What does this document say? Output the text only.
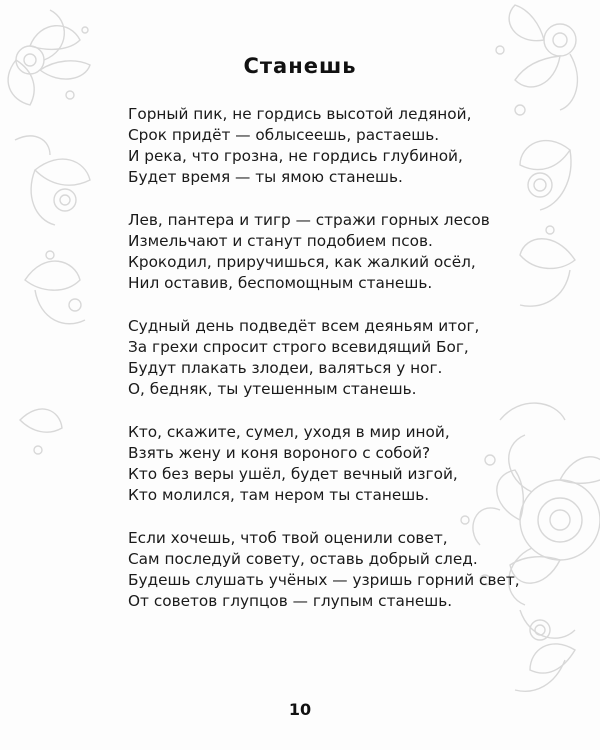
Станешь
Горный пик, не гордись высотой ледяной,
Срок придёт — облысеешь, растаешь.
И река, что грозна, не гордись глубиной,
Будет время — ты ямою станешь.
Лев, пантера и тигр — стражи горных лесов
Измельчают и станут подобием псов.
Крокодил, приручишься, как жалкий осёл,
Нил оставив, беспомощным станешь.
Судный день подведёт всем деяньям итог,
За грехи спросит строго всевидящий Бог,
Будут плакать злодеи, валяться у ног.
О, бедняк, ты утешенным станешь.
Кто, скажите, сумел, уходя в мир иной,
Взять жену и коня вороного с собой?
Кто без веры ушёл, будет вечный изгой,
Кто молился, там нером ты станешь.
Если хочешь, чтоб твой оценили совет,
Сам последуй совету, оставь добрый след.
Будешь слушать учёных — узришь горний свет,
От советов глупцов — глупым станешь.
10
